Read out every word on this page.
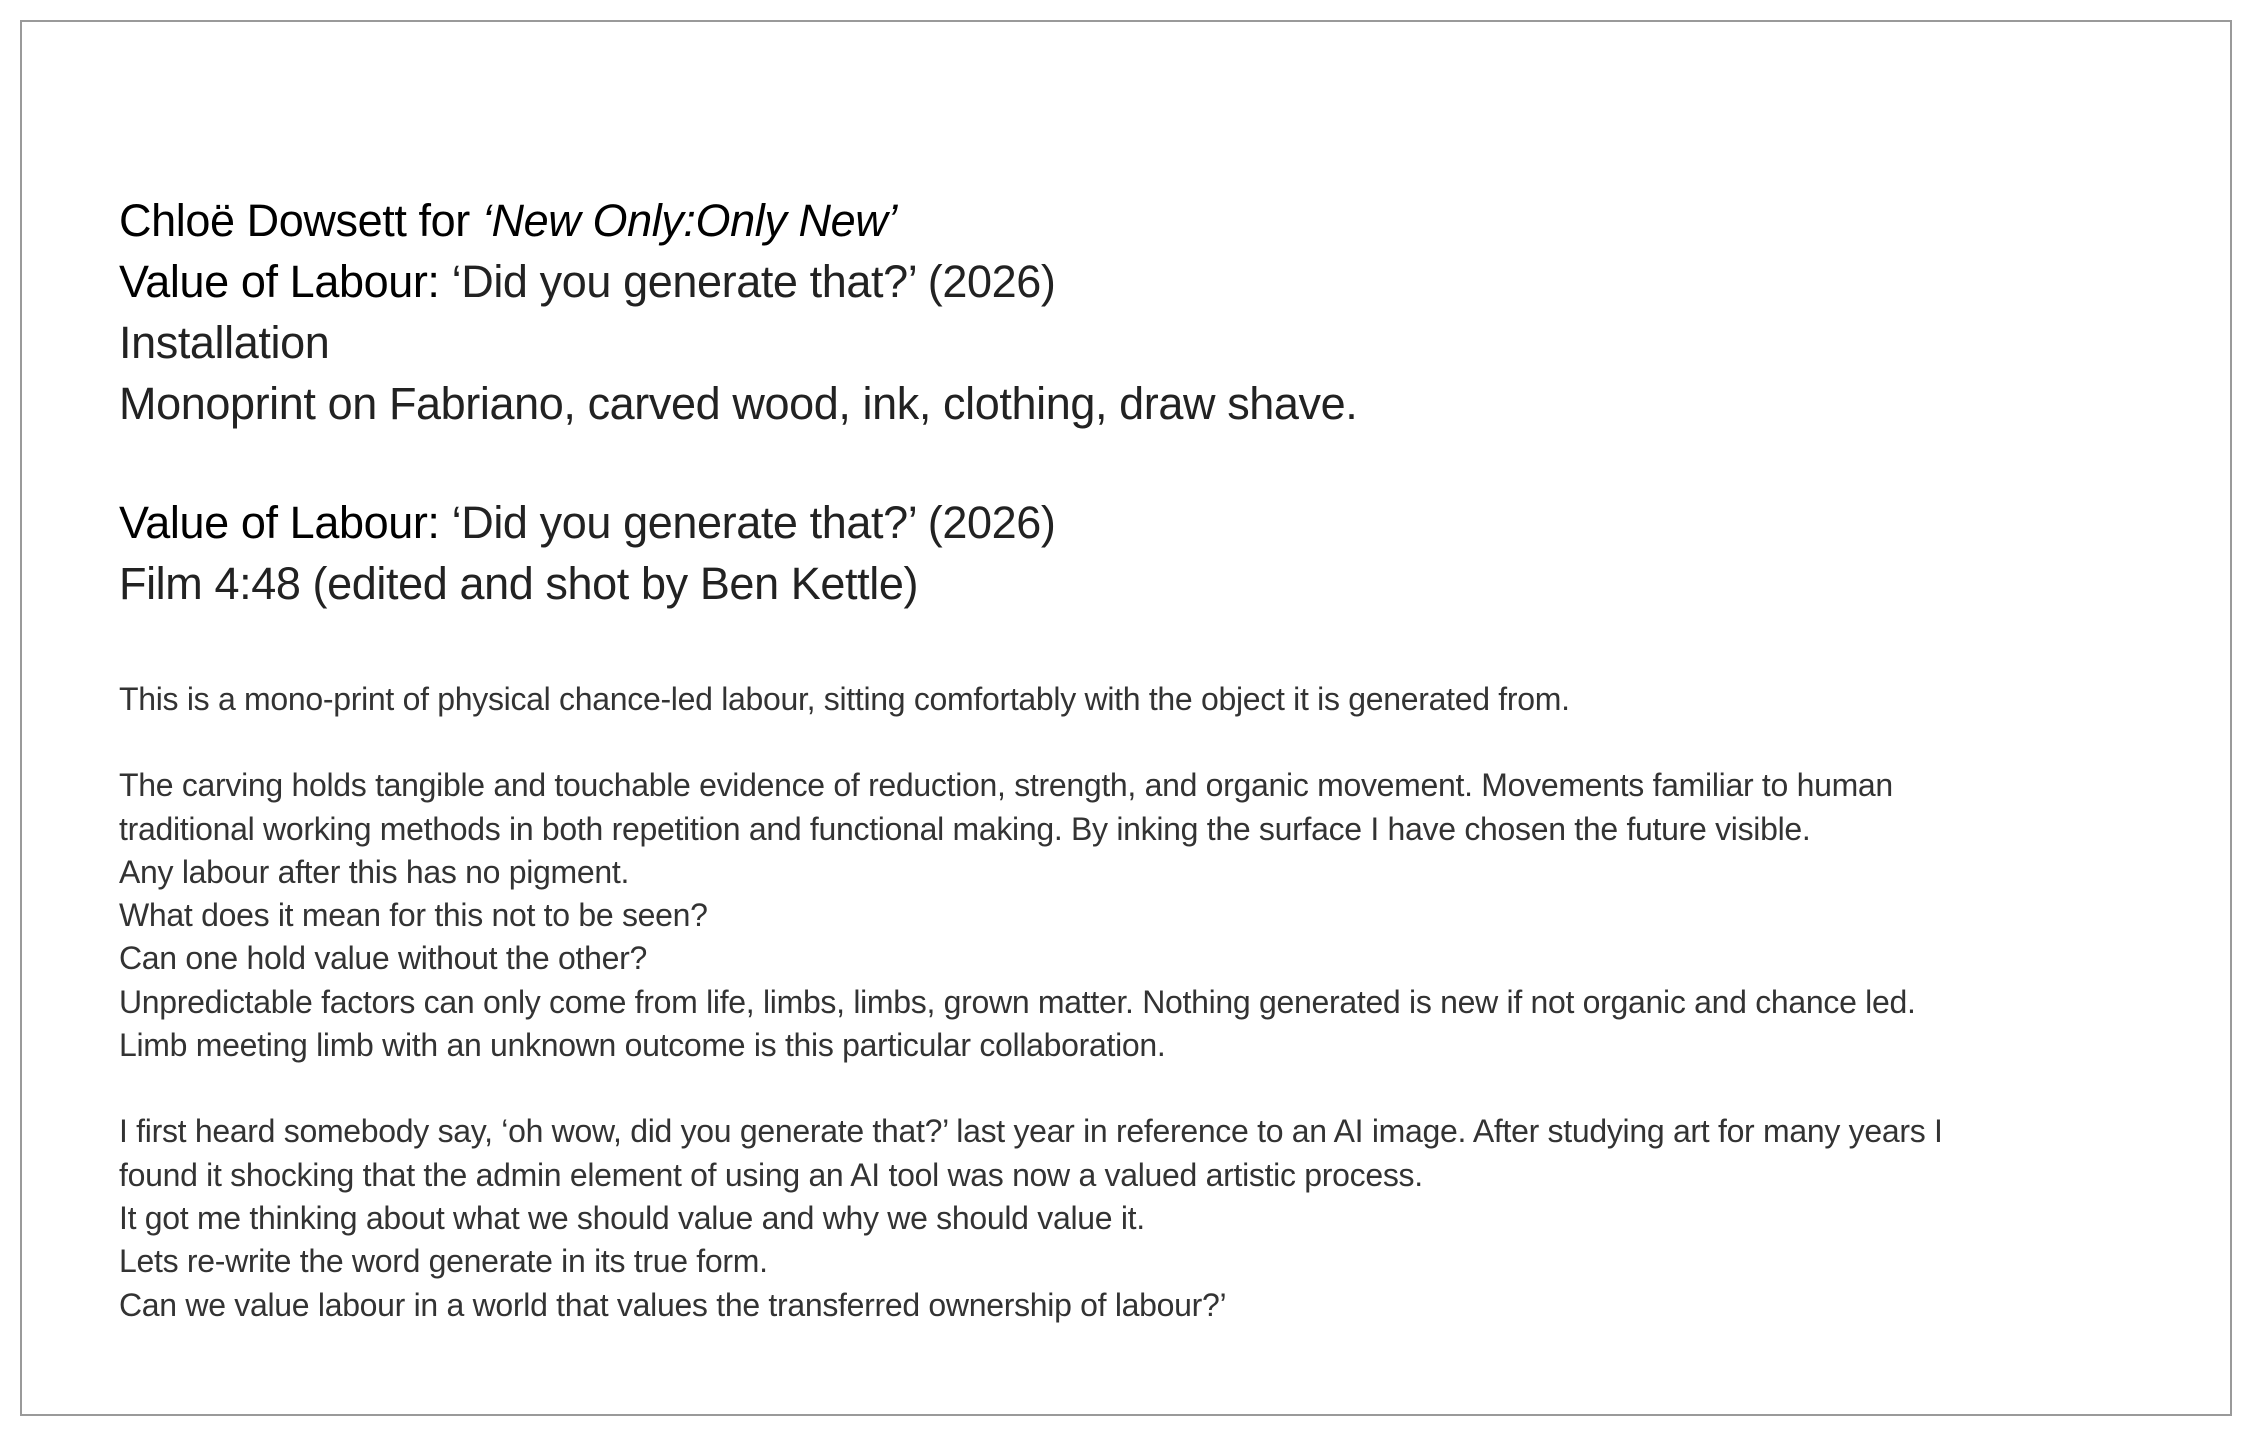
Chloë Dowsett for ‘New Only:Only New’
Value of Labour: ‘Did you generate that?’ (2026)
Installation
Monoprint on Fabriano, carved wood, ink, clothing, draw shave.
Value of Labour: ‘Did you generate that?’ (2026)
Film 4:48 (edited and shot by Ben Kettle)
This is a mono-print of physical chance-led labour, sitting comfortably with the object it is generated from.
The carving holds tangible and touchable evidence of reduction, strength, and organic movement. Movements familiar to human
traditional working methods in both repetition and functional making. By inking the surface I have chosen the future visible.
Any labour after this has no pigment.
What does it mean for this not to be seen?
Can one hold value without the other?
Unpredictable factors can only come from life, limbs, limbs, grown matter. Nothing generated is new if not organic and chance led.
Limb meeting limb with an unknown outcome is this particular collaboration.
I first heard somebody say, ‘oh wow, did you generate that?’ last year in reference to an AI image. After studying art for many years I
found it shocking that the admin element of using an AI tool was now a valued artistic process.
It got me thinking about what we should value and why we should value it.
Lets re-write the word generate in its true form.
Can we value labour in a world that values the transferred ownership of labour?’
